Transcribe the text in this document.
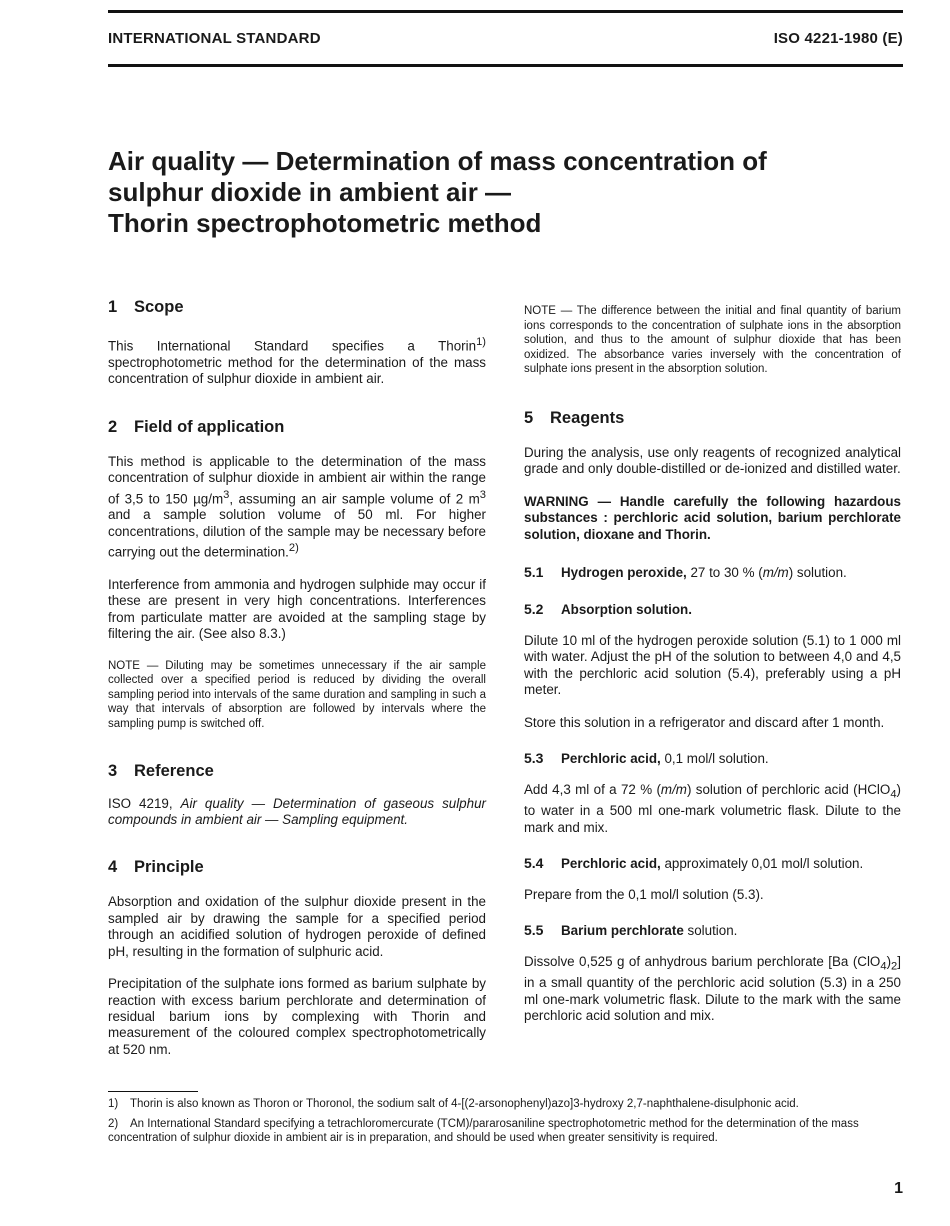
INTERNATIONAL STANDARD	ISO 4221-1980 (E)
Air quality — Determination of mass concentration of
sulphur dioxide in ambient air —
Thorin spectrophotometric method
1 Scope

This International Standard specifies a Thorin$^{1)}$ spectrophotometric method for the determination of the mass concentration of sulphur dioxide in ambient air.

2 Field of application

This method is applicable to the determination of the mass concentration of sulphur dioxide in ambient air within the range of 3,5 to 150 $\mu g/m^3$, assuming an air sample volume of 2 $m^3$ and a sample solution volume of 50 ml. For higher concentrations, dilution of the sample may be necessary before carrying out the determination.$^{2)}$

Interference from ammonia and hydrogen sulphide may occur if these are present in very high concentrations. Interferences from particulate matter are avoided at the sampling stage by filtering the air. (See also 8.3.)

NOTE — Diluting may be sometimes unnecessary if the air sample collected over a specified period is reduced by dividing the overall sampling period into intervals of the same duration and sampling in such a way that intervals of absorption are followed by intervals where the sampling pump is switched off.

3 Reference

ISO 4219, Air quality — Determination of gaseous sulphur compounds in ambient air — Sampling equipment.

4 Principle

Absorption and oxidation of the sulphur dioxide present in the sampled air by drawing the sample for a specified period through an acidified solution of hydrogen peroxide of defined pH, resulting in the formation of sulphuric acid.

Precipitation of the sulphate ions formed as barium sulphate by reaction with excess barium perchlorate and determination of residual barium ions by complexing with Thorin and measurement of the coloured complex spectrophotometrically at 520 nm.

NOTE — The difference between the initial and final quantity of barium ions corresponds to the concentration of sulphate ions in the absorption solution, and thus to the amount of sulphur dioxide that has been oxidized. The absorbance varies inversely with the concentration of sulphate ions present in the absorption solution.

5 Reagents

During the analysis, use only reagents of recognized analytical grade and only double-distilled or de-ionized and distilled water.

WARNING — Handle carefully the following hazardous substances : perchloric acid solution, barium perchlorate solution, dioxane and Thorin.

5.1 Hydrogen peroxide, 27 to 30 % (m/m) solution.

5.2 Absorption solution.

Dilute 10 ml of the hydrogen peroxide solution (5.1) to 1 000 ml with water. Adjust the pH of the solution to between 4,0 and 4,5 with the perchloric acid solution (5.4), preferably using a pH meter.

Store this solution in a refrigerator and discard after 1 month.

5.3 Perchloric acid, 0,1 mol/l solution.

Add 4,3 ml of a 72 % (m/m) solution of perchloric acid (HClO$_4$) to water in a 500 ml one-mark volumetric flask. Dilute to the mark and mix.

5.4 Perchloric acid, approximately 0,01 mol/l solution.

Prepare from the 0,1 mol/l solution (5.3).

5.5 Barium perchlorate solution.

Dissolve 0,525 g of anhydrous barium perchlorate [Ba $(ClO_4)_2$] in a small quantity of the perchloric acid solution (5.3) in a 250 ml one-mark volumetric flask. Dilute to the mark with the same perchloric acid solution and mix.

1) Thorin is also known as Thoron or Thoronol, the sodium salt of 4-[(2-arsonophenyl)azo]3-hydroxy 2,7-naphthalene-disulphonic acid.

2) An International Standard specifying a tetrachloromercurate (TCM)/pararosaniline spectrophotometric method for the determination of the mass concentration of sulphur dioxide in ambient air is in preparation, and should be used when greater sensitivity is required.

1
